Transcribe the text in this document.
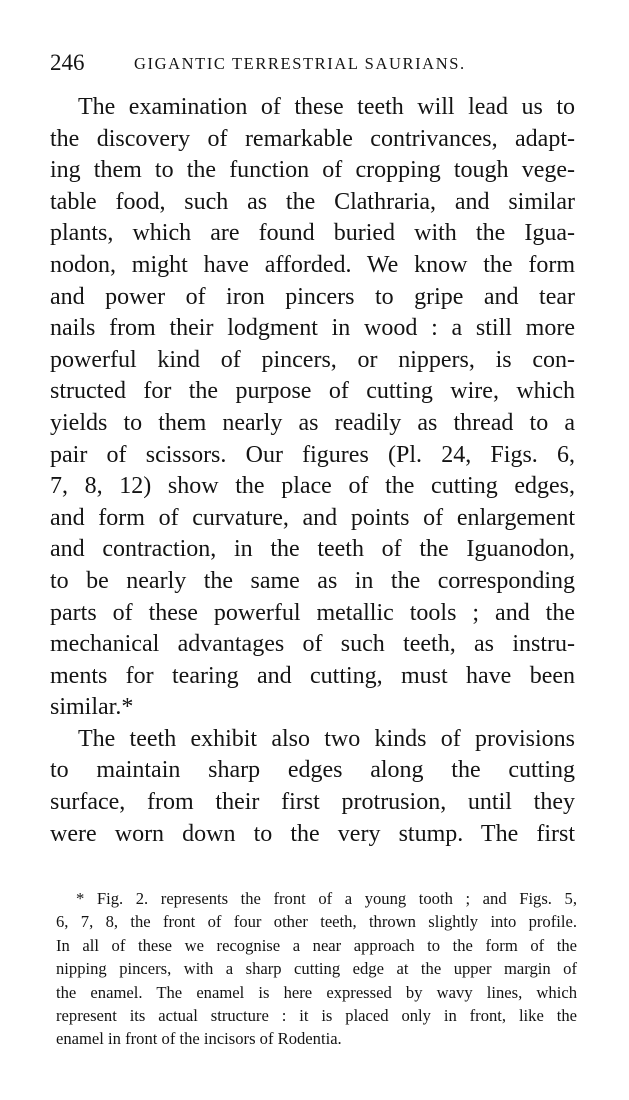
246	GIGANTIC TERRESTRIAL SAURIANS.

The examination of these teeth will lead us to
the discovery of remarkable contrivances, adapt-
ing them to the function of cropping tough vege-
table food, such as the Clathraria, and similar
plants, which are found buried with the Igua-
nodon, might have afforded. We know the form
and power of iron pincers to gripe and tear
nails from their lodgment in wood : a still more
powerful kind of pincers, or nippers, is con-
structed for the purpose of cutting wire, which
yields to them nearly as readily as thread to a
pair of scissors. Our figures (Pl. 24, Figs. 6,
7, 8, 12) show the place of the cutting edges,
and form of curvature, and points of enlargement
and contraction, in the teeth of the Iguanodon,
to be nearly the same as in the corresponding
parts of these powerful metallic tools ; and the
mechanical advantages of such teeth, as instru-
ments for tearing and cutting, must have been
similar.*

The teeth exhibit also two kinds of provisions
to maintain sharp edges along the cutting
surface, from their first protrusion, until they
were worn down to the very stump. The first

* Fig. 2. represents the front of a young tooth ; and Figs. 5,
6, 7, 8, the front of four other teeth, thrown slightly into profile.
In all of these we recognise a near approach to the form of the
nipping pincers, with a sharp cutting edge at the upper margin of
the enamel. The enamel is here expressed by wavy lines, which
represent its actual structure : it is placed only in front, like the
enamel in front of the incisors of Rodentia.
